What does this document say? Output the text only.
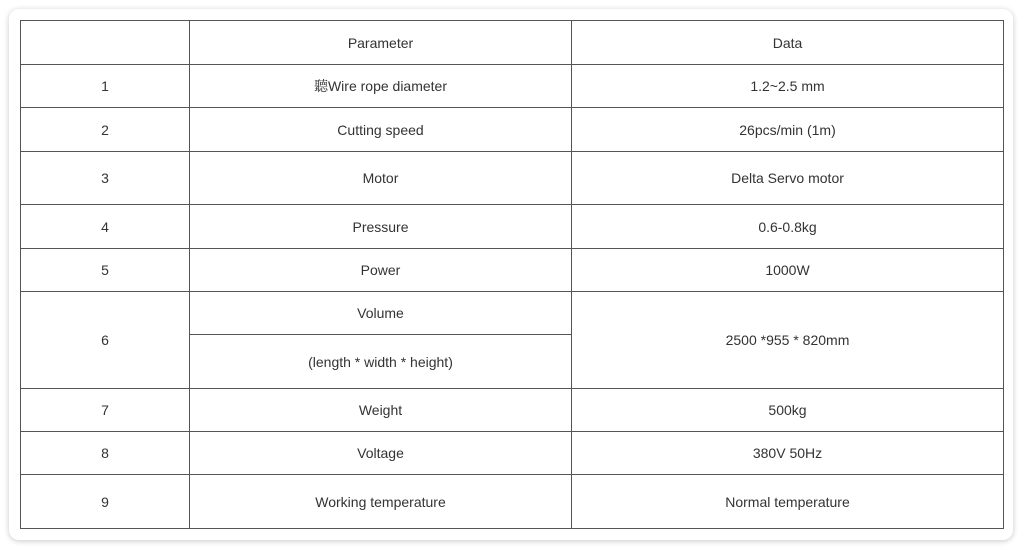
	Parameter	Data
1	聽Wire rope diameter	1.2~2.5 mm
2	Cutting speed	26pcs/min (1m)
3	Motor	Delta Servo motor
4	Pressure	0.6-0.8kg
5	Power	1000W
6	Volume	2500 *955 * 820mm
	(length * width * height)	
7	Weight	500kg
8	Voltage	380V 50Hz
9	Working temperature	Normal temperature
